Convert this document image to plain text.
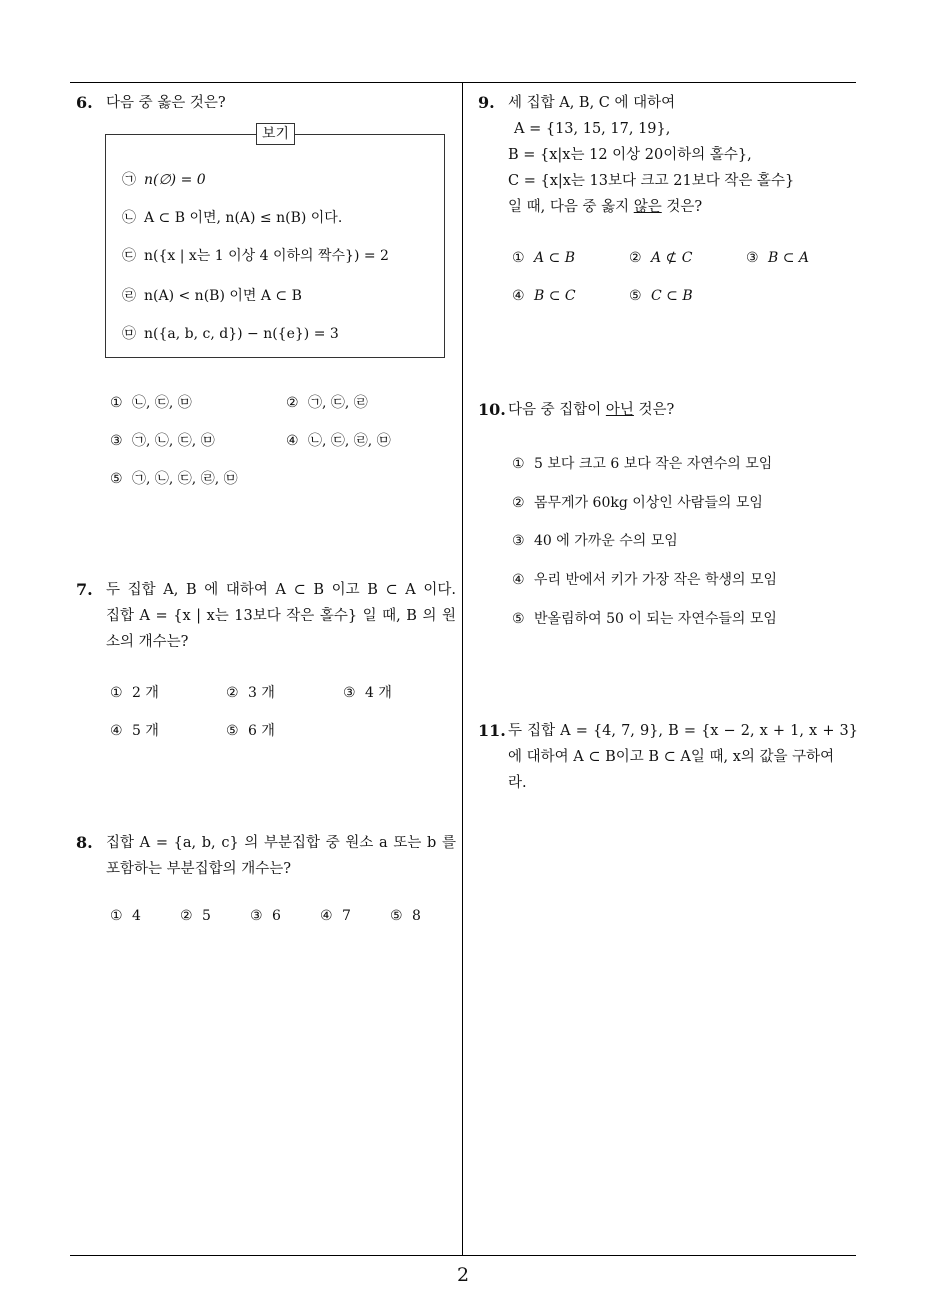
6. 다음 중 옳은 것은?
보기
㉠ n(∅) = 0
㉡ A ⊂ B 이면, n(A) ≤ n(B) 이다.
㉢ n({x | x는 1 이상 4 이하의 짝수}) = 2
㉣ n(A) < n(B) 이면 A ⊂ B
㉤ n({a, b, c, d}) − n({e}) = 3
① ㉡, ㉢, ㉤	② ㉠, ㉢, ㉣
③ ㉠, ㉡, ㉢, ㉤	④ ㉡, ㉢, ㉣, ㉤
⑤ ㉠, ㉡, ㉢, ㉣, ㉤
7. 두 집합 A, B 에 대하여 A ⊂ B 이고 B ⊂ A 이다.
집합 A = {x | x는 13보다 작은 홀수} 일 때, B 의 원
소의 개수는?
① 2 개	② 3 개	③ 4 개
④ 5 개	⑤ 6 개
8. 집합 A = {a, b, c} 의 부분집합 중 원소 a 또는 b 를
포함하는 부분집합의 개수는?
① 4	② 5	③ 6	④ 7	⑤ 8
9. 세 집합 A, B, C 에 대하여
A = {13, 15, 17, 19},
B = {x|x는 12 이상 20이하의 홀수},
C = {x|x는 13보다 크고 21보다 작은 홀수}
일 때, 다음 중 옳지 않은 것은?
① A ⊂ B	② A ⊄ C	③ B ⊂ A
④ B ⊂ C	⑤ C ⊂ B
10. 다음 중 집합이 아닌 것은?
① 5 보다 크고 6 보다 작은 자연수의 모임
② 몸무게가 60kg 이상인 사람들의 모임
③ 40 에 가까운 수의 모임
④ 우리 반에서 키가 가장 작은 학생의 모임
⑤ 반올림하여 50 이 되는 자연수들의 모임
11. 두 집합 A = {4, 7, 9}, B = {x − 2, x + 1, x + 3}
에 대하여 A ⊂ B이고 B ⊂ A일 때, x의 값을 구하여
라.
2
